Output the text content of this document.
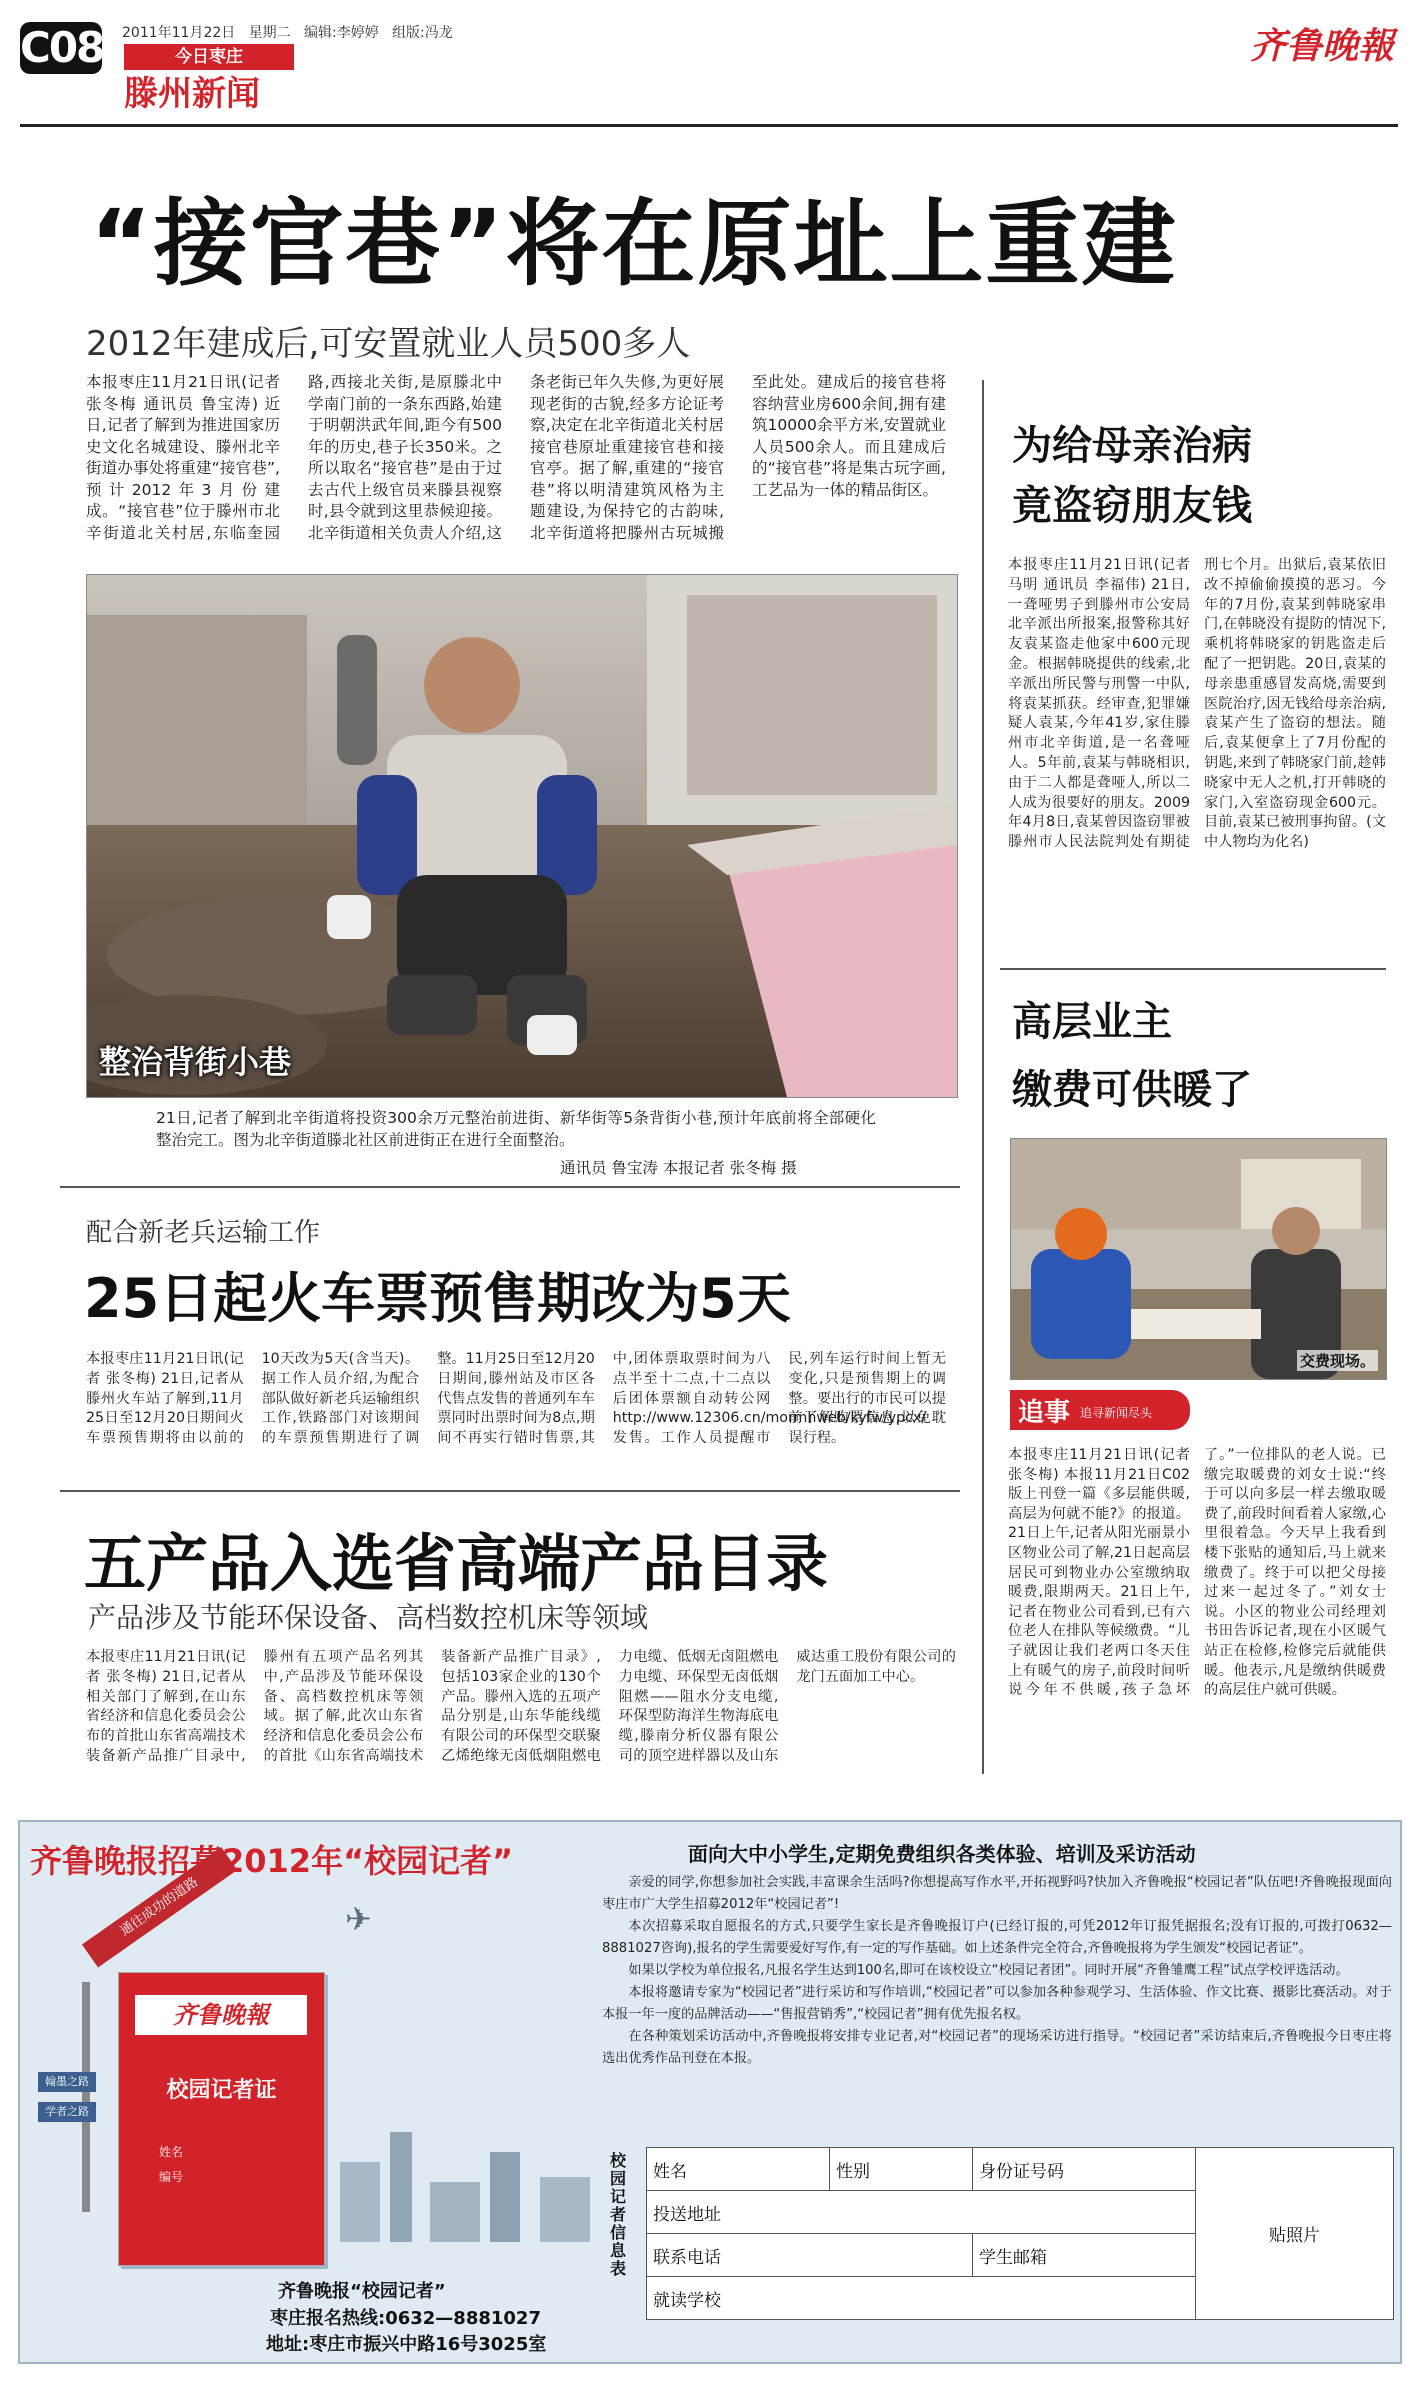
C08 2011年11月22日 星期二 编辑:李婷婷 组版:冯龙
今日枣庄
滕州新闻
齐鲁晚報
“接官巷”将在原址上重建
2012年建成后,可安置就业人员500多人
本报枣庄11月21日讯(记者 张冬梅 通讯员 鲁宝涛) 近日,记者了解到为推进国家历史文化名城建设、滕州北辛街道办事处将重建“接官巷”,预计2012年3月份建成。“接官巷”位于滕州市北辛街道北关村居,东临奎园路,西接北关街,是原滕北中学南门前的一条东西路,始建于明朝洪武年间,距今有500年的历史,巷子长350米。之所以取名“接官巷”是由于过去古代上级官员来滕县视察时,县令就到这里恭候迎接。北辛街道相关负责人介绍,这条老街已年久失修,为更好展现老街的古貌,经多方论证考察,决定在北辛街道北关村居接官巷原址重建接官巷和接官亭。据了解,重建的“接官巷”将以明清建筑风格为主题建设,为保持它的古韵味,北辛街道将把滕州古玩城搬至此处。建成后的接官巷将容纳营业房600余间,拥有建筑10000余平方米,安置就业人员500余人。而且建成后的“接官巷”将是集古玩字画,工艺品为一体的精品街区。
整治背街小巷
21日,记者了解到北辛街道将投资300余万元整治前进街、新华街等5条背街小巷,预计年底前将全部硬化整治完工。图为北辛街道滕北社区前进街正在进行全面整治。
通讯员 鲁宝涛 本报记者 张冬梅 摄
为给母亲治病
竟盗窃朋友钱
本报枣庄11月21日讯(记者 马明 通讯员 李福伟) 21日,一聋哑男子到滕州市公安局北辛派出所报案,报警称其好友袁某盗走他家中600元现金。根据韩晓提供的线索,北辛派出所民警与刑警一中队,将袁某抓获。经审查,犯罪嫌疑人袁某,今年41岁,家住滕州市北辛街道,是一名聋哑人。5年前,袁某与韩晓相识,由于二人都是聋哑人,所以二人成为很要好的朋友。2009年4月8日,袁某曾因盗窃罪被滕州市人民法院判处有期徒刑七个月。出狱后,袁某依旧改不掉偷偷摸摸的恶习。今年的7月份,袁某到韩晓家串门,在韩晓没有提防的情况下,乘机将韩晓家的钥匙盗走后配了一把钥匙。20日,袁某的母亲患重感冒发高烧,需要到医院治疗,因无钱给母亲治病,袁某产生了盗窃的想法。随后,袁某便拿上了7月份配的钥匙,来到了韩晓家门前,趁韩晓家中无人之机,打开韩晓的家门,入室盗窃现金600元。目前,袁某已被刑事拘留。(文中人物均为化名)
高层业主
缴费可供暖了
交费现场。
追事 追寻新闻尽头
本报枣庄11月21日讯(记者 张冬梅) 本报11月21日C02版上刊登一篇《多层能供暖,高层为何就不能?》的报道。21日上午,记者从阳光丽景小区物业公司了解,21日起高层居民可到物业办公室缴纳取暖费,限期两天。21日上午,记者在物业公司看到,已有六位老人在排队等候缴费。“儿子就因让我们老两口冬天住上有暖气的房子,前段时间听说今年不供暖,孩子急坏了。”一位排队的老人说。已缴完取暖费的刘女士说:“终于可以向多层一样去缴取暖费了,前段时间看着人家缴,心里很着急。今天早上我看到楼下张贴的通知后,马上就来缴费了。终于可以把父母接过来一起过冬了。”刘女士说。小区的物业公司经理刘书田告诉记者,现在小区暖气站正在检修,检修完后就能供暖。他表示,凡是缴纳供暖费的高层住户就可供暖。
配合新老兵运输工作
25日起火车票预售期改为5天
本报枣庄11月21日讯(记者 张冬梅) 21日,记者从滕州火车站了解到,11月25日至12月20日期间火车票预售期将由以前的10天改为5天(含当天)。据工作人员介绍,为配合部队做好新老兵运输组织工作,铁路部门对该期间的车票预售期进行了调整。11月25日至12月20日期间,滕州站及市区各代售点发售的普通列车车票同时出票时间为8点,期间不再实行错时售票,其中,团体票取票时间为八点半至十二点,十二点以后团体票额自动转公网http://www.12306.cn/mormhweb/kyfw/ypcx/发售。工作人员提醒市民,列车运行时间上暂无变化,只是预售期上的调整。要出行的市民可以提前了解购票信息,以免耽误行程。
五产品入选省高端产品目录
产品涉及节能环保设备、高档数控机床等领域
本报枣庄11月21日讯(记者 张冬梅) 21日,记者从相关部门了解到,在山东省经济和信息化委员会公布的首批山东省高端技术装备新产品推广目录中,滕州有五项产品名列其中,产品涉及节能环保设备、高档数控机床等领域。据了解,此次山东省经济和信息化委员会公布的首批《山东省高端技术装备新产品推广目录》,包括103家企业的130个产品。滕州入选的五项产品分别是,山东华能线缆有限公司的环保型交联聚乙烯绝缘无卤低烟阻燃电力电缆、低烟无卤阻燃电力电缆、环保型无卤低烟阻燃——阻水分支电缆,环保型防海洋生物海底电缆,滕南分析仪器有限公司的顶空进样器以及山东威达重工股份有限公司的龙门五面加工中心。
齐鲁晚报招募2012年“校园记者”
通往成功的道路
翰墨之路
学者之路
✈
齐鲁晚報
校园记者证
姓名
编号
齐鲁晚报“校园记者”
枣庄报名热线:0632—8881027
地址:枣庄市振兴中路16号3025室
面向大中小学生,定期免费组织各类体验、培训及采访活动

亲爱的同学,你想参加社会实践,丰富课余生活吗?你想提高写作水平,开拓视野吗?快加入齐鲁晚报“校园记者”队伍吧!齐鲁晚报现面向枣庄市广大学生招募2012年“校园记者”!

本次招募采取自愿报名的方式,只要学生家长是齐鲁晚报订户(已经订报的,可凭2012年订报凭据报名;没有订报的,可拨打0632—8881027咨询),报名的学生需要爱好写作,有一定的写作基础。如上述条件完全符合,齐鲁晚报将为学生颁发“校园记者证”。

如果以学校为单位报名,凡报名学生达到100名,即可在该校设立“校园记者团”。同时开展“齐鲁雏鹰工程”试点学校评选活动。

本报将邀请专家为“校园记者”进行采访和写作培训,“校园记者”可以参加各种参观学习、生活体验、作文比赛、摄影比赛活动。对于本报一年一度的品牌活动——“售报营销秀”,“校园记者”拥有优先报名权。

在各种策划采访活动中,齐鲁晚报将安排专业记者,对“校园记者”的现场采访进行指导。“校园记者”采访结束后,齐鲁晚报今日枣庄将选出优秀作品刊登在本报。

校园记者信息表
姓名	性别	身份证号码	贴照片
投送地址			
联系电话		学生邮箱	
就读学校			
